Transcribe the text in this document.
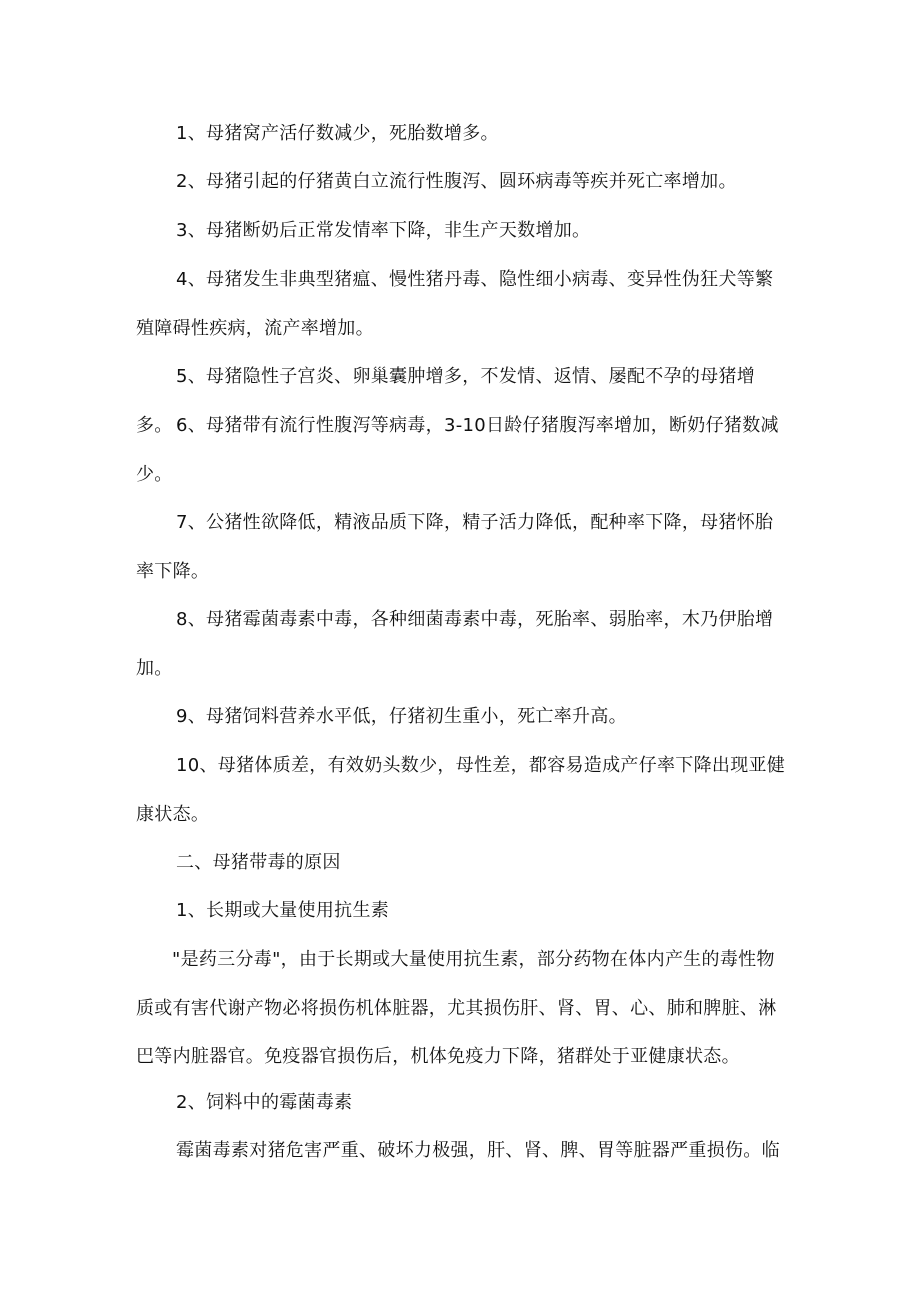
1、母猪窝产活仔数减少，死胎数增多。

2、母猪引起的仔猪黄白立流行性腹泻、圆环病毒等疾并死亡率增加。

3、母猪断奶后正常发情率下降，非生产天数增加。

4、母猪发生非典型猪瘟、慢性猪丹毒、隐性细小病毒、变异性伪狂犬等繁殖障碍性疾病，流产率增加。

5、母猪隐性子宫炎、卵巢囊肿增多，不发情、返情、屡配不孕的母猪增多。 6、母猪带有流行性腹泻等病毒，3-10日龄仔猪腹泻率增加，断奶仔猪数减少。

7、公猪性欲降低，精液品质下降，精子活力降低，配种率下降，母猪怀胎率下降。

8、母猪霉菌毒素中毒，各种细菌毒素中毒，死胎率、弱胎率，木乃伊胎增加。

9、母猪饲料营养水平低，仔猪初生重小，死亡率升高。

10、母猪体质差，有效奶头数少，母性差，都容易造成产仔率下降出现亚健康状态。

二、母猪带毒的原因

1、长期或大量使用抗生素

"是药三分毒"，由于长期或大量使用抗生素，部分药物在体内产生的毒性物质或有害代谢产物必将损伤机体脏器，尤其损伤肝、肾、胃、心、肺和脾脏、淋巴等内脏器官。免疫器官损伤后，机体免疫力下降，猪群处于亚健康状态。

2、饲料中的霉菌毒素

霉菌毒素对猪危害严重、破坏力极强，肝、肾、脾、胃等脏器严重损伤。临
